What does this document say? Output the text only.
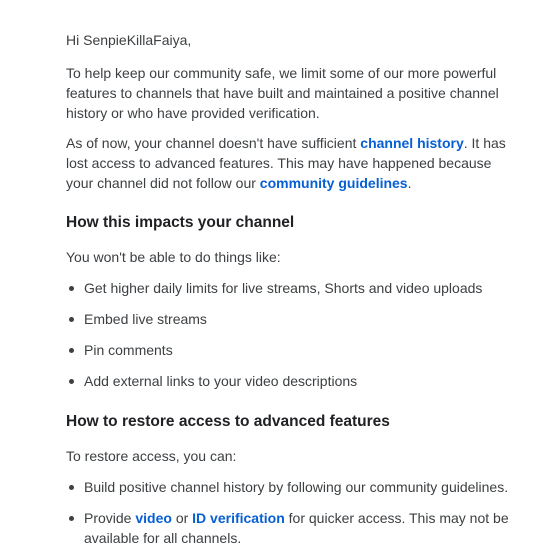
Hi SenpieKillaFaiya,

To help keep our community safe, we limit some of our more powerful features to channels that have built and maintained a positive channel history or who have provided verification.

As of now, your channel doesn't have sufficient channel history. It has lost access to advanced features. This may have happened because your channel did not follow our community guidelines.

How this impacts your channel

You won't be able to do things like:

Get higher daily limits for live streams, Shorts and video uploads
Embed live streams
Pin comments
Add external links to your video descriptions
How to restore access to advanced features

To restore access, you can:

Build positive channel history by following our community guidelines.
Provide video or ID verification for quicker access. This may not be available for all channels.
